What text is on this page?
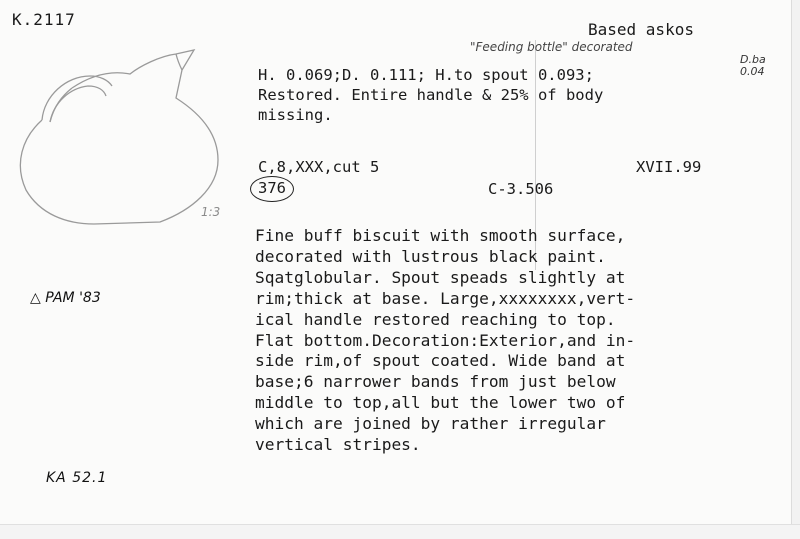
K.2117
Based askos
"Feeding bottle" decorated
H. 0.069;D. 0.111; H.to spout 0.093;
D.ba
0.04
Restored. Entire handle & 25% of body
missing.
C,8,XXX,cut 5	XVII.99
376	C-3.506
Fine buff biscuit with smooth surface,
decorated with lustrous black paint.
Sqatglobular. Spout speads slightly at
rim;thick at base. Large,xxxxxxxx,vert-
ical handle restored reaching to top.
Flat bottom.Decoration:Exterior,and in-
side rim,of spout coated. Wide band at
base;6 narrower bands from just below
middle to top,all but the lower two of
which are joined by rather irregular
vertical stripes.
1:3
△ PAM '83
KA 52.1
